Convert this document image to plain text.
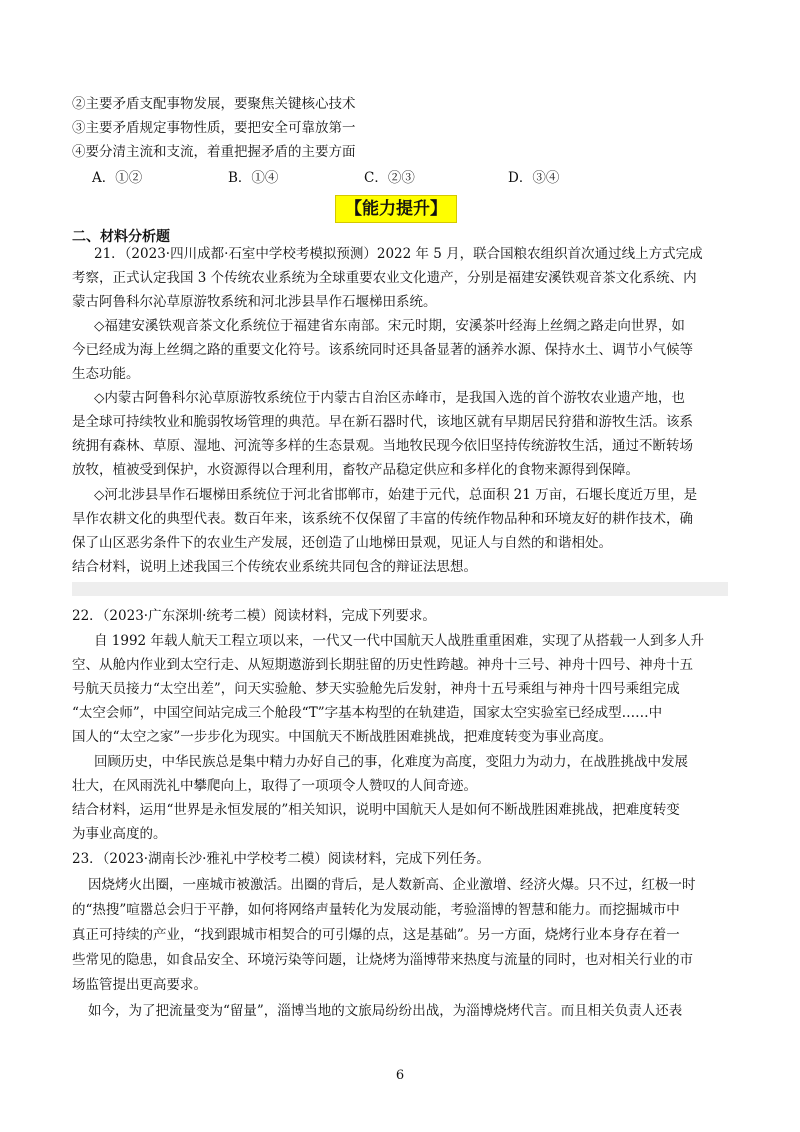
②主要矛盾支配事物发展，要聚焦关键核心技术
③主要矛盾规定事物性质，要把安全可靠放第一
④要分清主流和支流，着重把握矛盾的主要方面
A．①②	B．①④	C．②③	D．③④
【能力提升】
二、材料分析题
21．（2023·四川成都·石室中学校考模拟预测）2022 年 5 月，联合国粮农组织首次通过线上方式完成
考察，正式认定我国 3 个传统农业系统为全球重要农业文化遗产，分别是福建安溪铁观音茶文化系统、内
蒙古阿鲁科尔沁草原游牧系统和河北涉县旱作石堰梯田系统。
◇福建安溪铁观音茶文化系统位于福建省东南部。宋元时期，安溪茶叶经海上丝绸之路走向世界，如
今已经成为海上丝绸之路的重要文化符号。该系统同时还具备显著的涵养水源、保持水土、调节小气候等
生态功能。
◇内蒙古阿鲁科尔沁草原游牧系统位于内蒙古自治区赤峰市，是我国入选的首个游牧农业遗产地，也
是全球可持续牧业和脆弱牧场管理的典范。早在新石器时代，该地区就有早期居民狩猎和游牧生活。该系
统拥有森林、草原、湿地、河流等多样的生态景观。当地牧民现今依旧坚持传统游牧生活，通过不断转场
放牧，植被受到保护，水资源得以合理利用，畜牧产品稳定供应和多样化的食物来源得到保障。
◇河北涉县旱作石堰梯田系统位于河北省邯郸市，始建于元代，总面积 21 万亩，石堰长度近万里，是
旱作农耕文化的典型代表。数百年来，该系统不仅保留了丰富的传统作物品种和环境友好的耕作技术，确
保了山区恶劣条件下的农业生产发展，还创造了山地梯田景观，见证人与自然的和谐相处。
结合材料，说明上述我国三个传统农业系统共同包含的辩证法思想。
22．（2023·广东深圳·统考二模）阅读材料，完成下列要求。
自 1992 年载人航天工程立项以来，一代又一代中国航天人战胜重重困难，实现了从搭载一人到多人升
空、从舱内作业到太空行走、从短期遨游到长期驻留的历史性跨越。神舟十三号、神舟十四号、神舟十五
号航天员接力“太空出差”，问天实验舱、梦天实验舱先后发射，神舟十五号乘组与神舟十四号乘组完成
“太空会师”，中国空间站完成三个舱段“T”字基本构型的在轨建造，国家太空实验室已经成型……中
国人的“太空之家”一步步化为现实。中国航天不断战胜困难挑战，把难度转变为事业高度。
回顾历史，中华民族总是集中精力办好自己的事，化难度为高度，变阻力为动力，在战胜挑战中发展
壮大，在风雨洗礼中攀爬向上，取得了一项项令人赞叹的人间奇迹。
结合材料，运用“世界是永恒发展的”相关知识，说明中国航天人是如何不断战胜困难挑战，把难度转变
为事业高度的。
23．（2023·湖南长沙·雅礼中学校考二模）阅读材料，完成下列任务。
因烧烤火出圈，一座城市被激活。出圈的背后，是人数新高、企业激增、经济火爆。只不过，红极一时
的“热搜”喧嚣总会归于平静，如何将网络声量转化为发展动能，考验淄博的智慧和能力。而挖掘城市中
真正可持续的产业，“找到跟城市相契合的可引爆的点，这是基础”。另一方面，烧烤行业本身存在着一
些常见的隐患，如食品安全、环境污染等问题，让烧烤为淄博带来热度与流量的同时，也对相关行业的市
场监管提出更高要求。
如今，为了把流量变为“留量”，淄博当地的文旅局纷纷出战，为淄博烧烤代言。而且相关负责人还表
6
